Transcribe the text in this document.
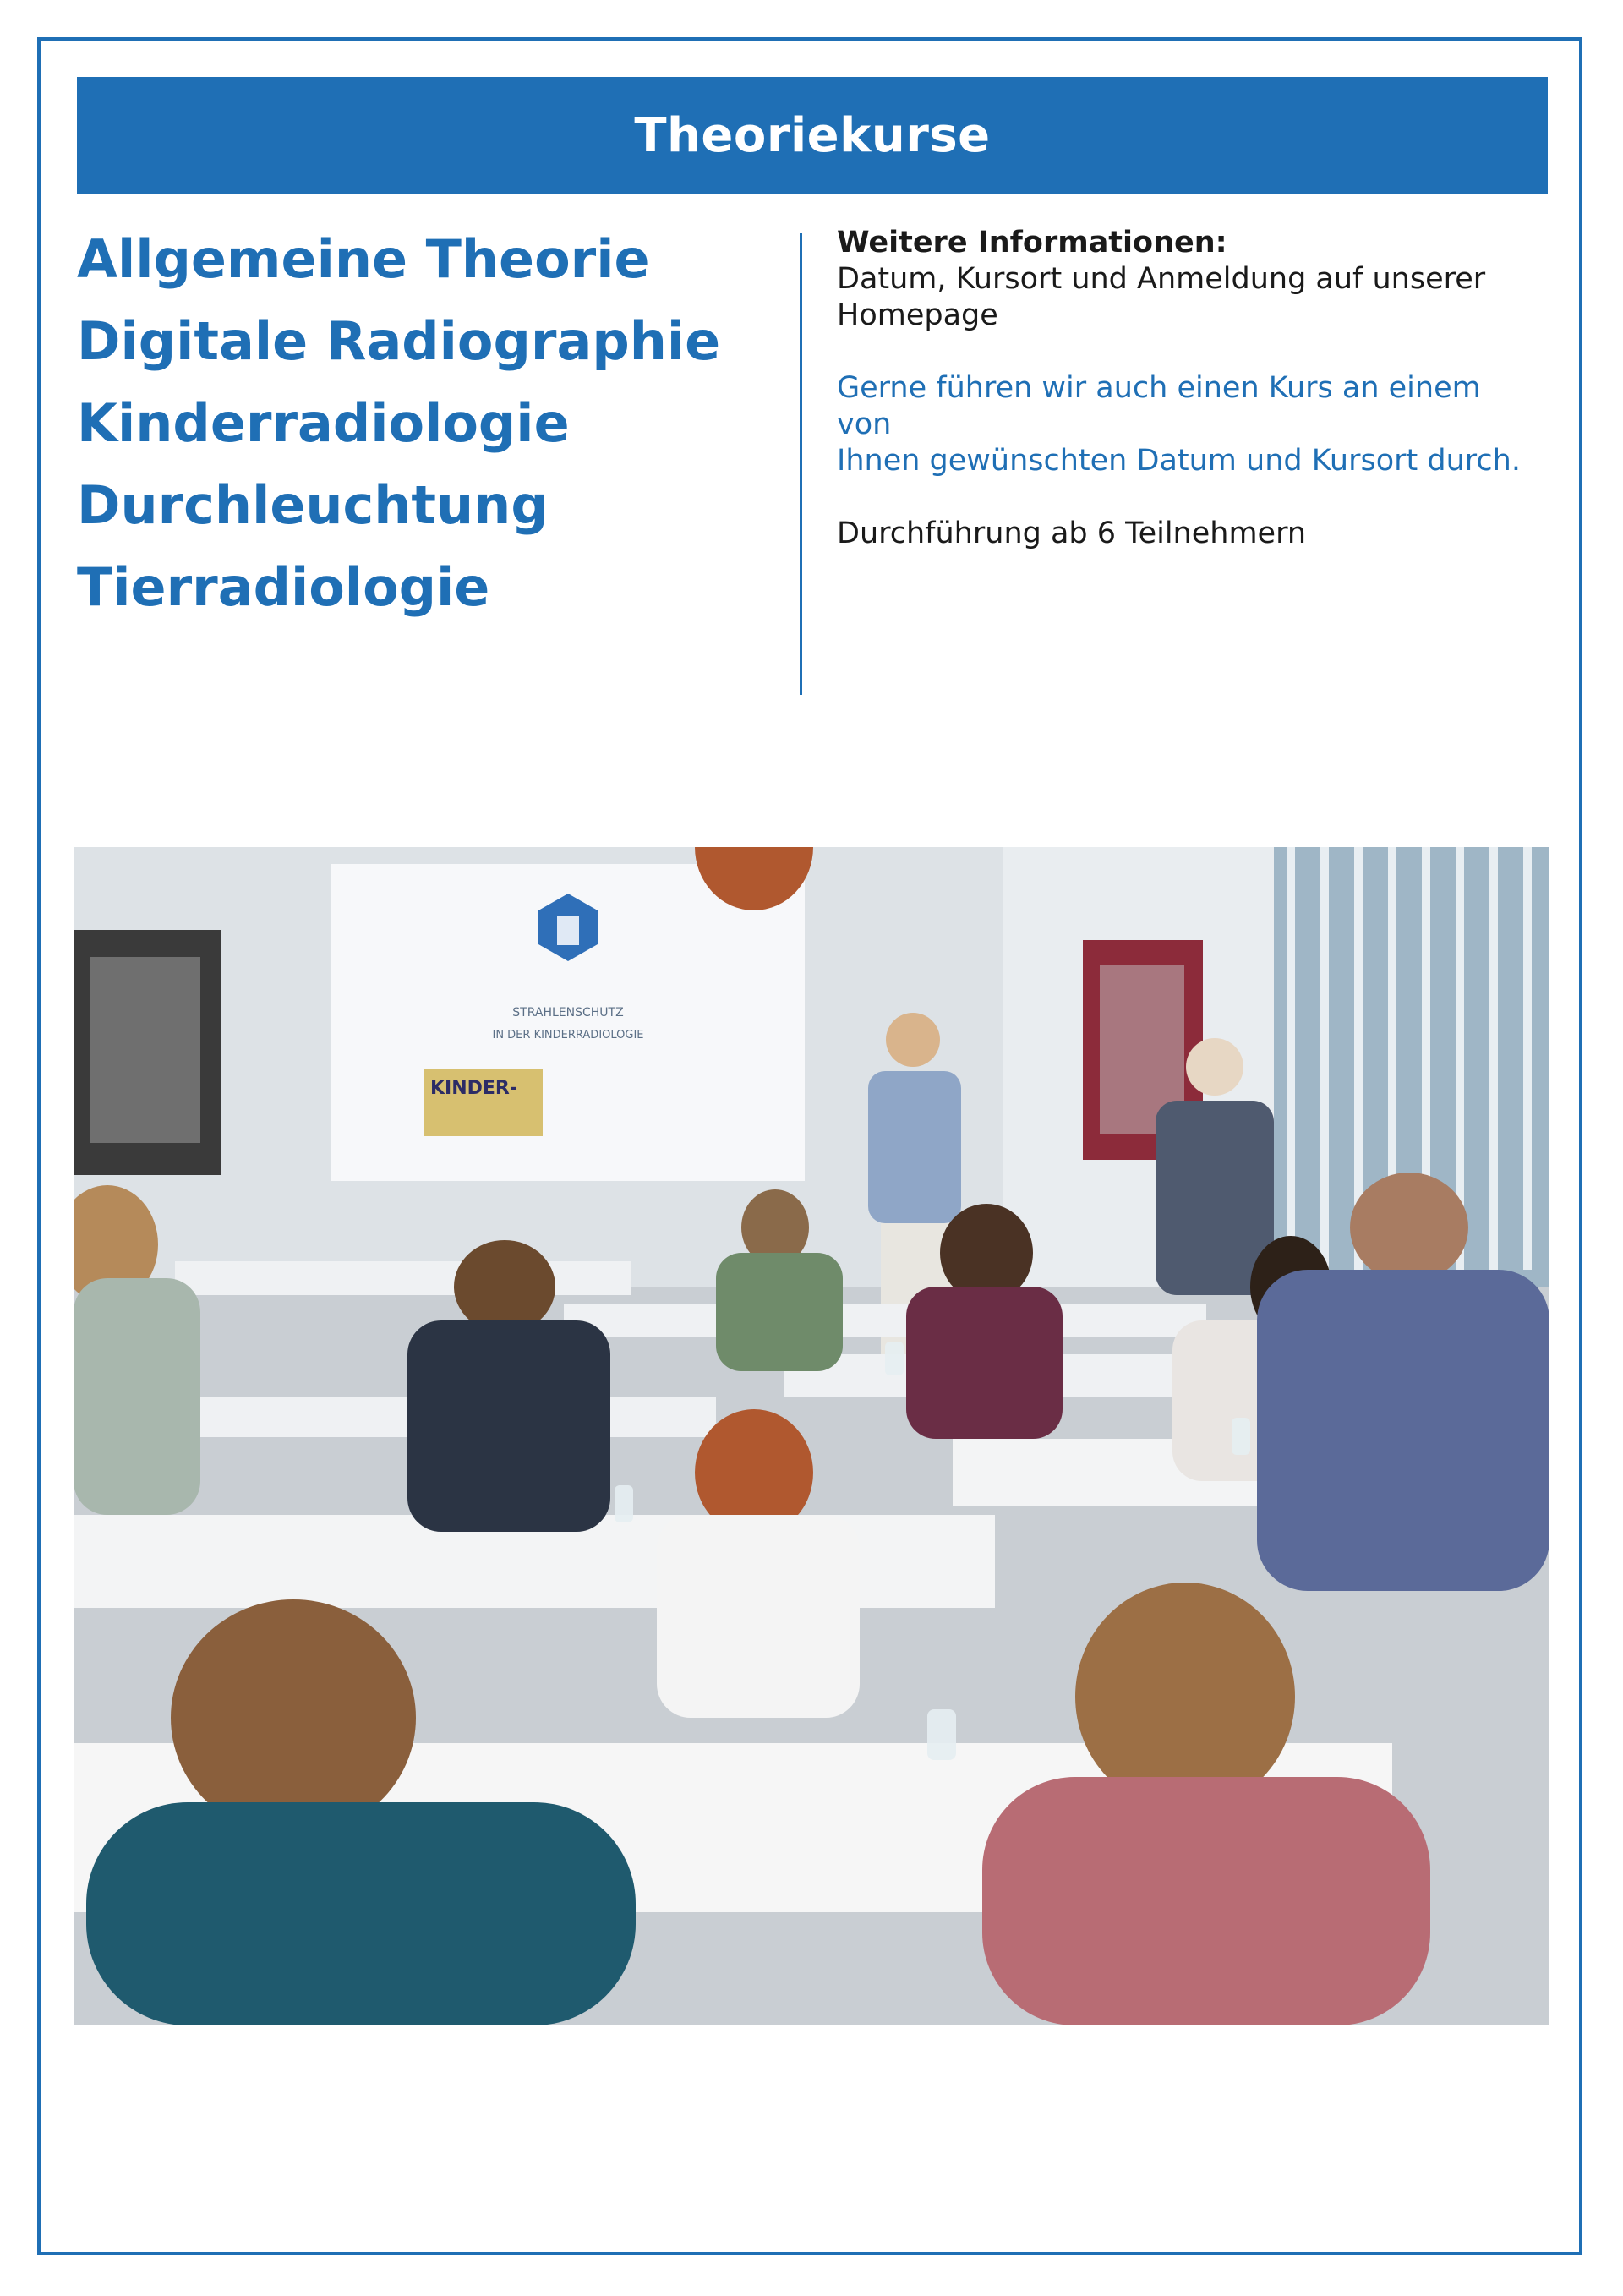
Theoriekurse
Allgemeine Theorie
Digitale Radiographie
Kinderradiologie
Durchleuchtung
Tierradiologie
Weitere Informationen:
Datum, Kursort und Anmeldung auf unserer
Homepage
Gerne führen wir auch einen Kurs an einem von
Ihnen gewünschten Datum und Kursort durch.
Durchführung ab 6 Teilnehmern
STRAHLENSCHUTZ
IN DER KINDERRADIOLOGIE
KINDER-
